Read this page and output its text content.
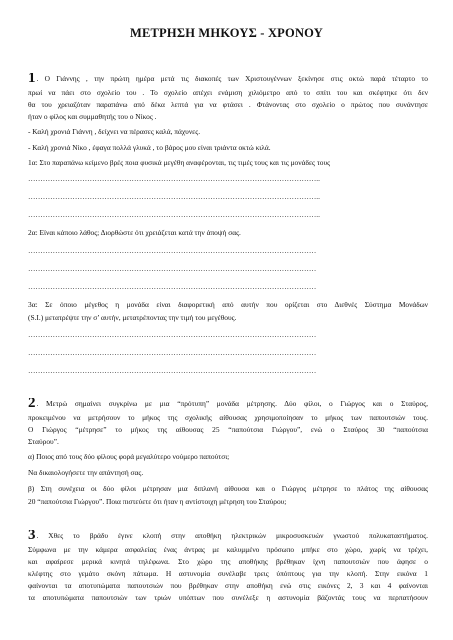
ΜΕΤΡΗΣΗ ΜΗΚΟΥΣ - ΧΡΟΝΟΥ
1. Ο Γιάννης , την πρώτη ημέρα μετά τις διακοπές των Χριστουγέννων ξεκίνησε στις οκτώ παρά τέταρτο το
πρωί να πάει στο σχολείο του . Το σχολείο απέχει ενάμιση χιλιόμετρο από το σπίτι του και σκέφτηκε ότι δεν
θα του χρειαζόταν παραπάνω από δέκα λεπτά για να φτάσει . Φτάνοντας στο σχολείο ο πρώτος που συνάντησε
ήταν ο φίλος και συμμαθητής του ο Νίκος .
- Καλή χρονιά Γιάννη , δείχνει να πέρασες καλά, πάχυνες.
- Καλή χρονιά Νίκο , έφαγα πολλά γλυκά , το βάρος μου είναι τριάντα οκτώ κιλά.
1α: Στο παραπάνω κείμενο βρές ποια φυσικά μεγέθη αναφέρονται, τις τιμές τους και τις μονάδες τους
………………………………………………………………………………………………………..
………………………………………………………………………………………………………..
………………………………………………………………………………………………………..
2α: Είναι κάποιο λάθος; Διορθώστε ότι χρειάζεται κατά την άποψή σας.
………………………………………………………………………………………………………
………………………………………………………………………………………………………
………………………………………………………………………………………………………
3α: Σε όποιο μέγεθος η μονάδα είναι διαφορετική από αυτήν που ορίζεται στο Διεθνές Σύστημα Μονάδων
(S.I.) μετατρέψτε την σ’ αυτήν, μετατρέποντας την τιμή του μεγέθους.
………………………………………………………………………………………………………
………………………………………………………………………………………………………
………………………………………………………………………………………………………
2. Μετρώ σημαίνει συγκρίνω με μια “πρότυπη” μονάδα μέτρησης. Δύο φίλοι, ο Γιώργος και ο Σταύρος,
προκειμένου να μετρήσουν το μήκος της σχολικής αίθουσας χρησιμοποίησαν το μήκος των παπουτσιών τους.
Ο Γιώργος “μέτρησε” το μήκος της αίθουσας 25 “παπούτσια Γιώργου”, ενώ ο Σταύρος 30 “παπούτσια
Σταύρου”.
α) Ποιος από τους δύο φίλους φορά μεγαλύτερο νούμερο παπούτσι;
Να δικαιολογήσετε την απάντησή σας.
β) Στη συνέχεια οι δύο φίλοι μέτρησαν μια διπλανή αίθουσα και ο Γιώργος μέτρησε το πλάτος της αίθουσας
20 “παπούτσια Γιώργου”. Ποια πιστεύετε ότι ήταν η αντίστοιχη μέτρηση του Σταύρου;
3. Χθες το βράδυ έγινε κλοπή στην αποθήκη ηλεκτρικών μικροσυσκευών γνωστού πολυκαταστήματος.
Σύμφωνα με την κάμερα ασφαλείας ένας άντρας με καλυμμένο πρόσωπο μπήκε στο χώρο, χωρίς να τρέχει,
και αφαίρεσε μερικά κινητά τηλέφωνα. Στο χώρο της αποθήκης βρέθηκαν ίχνη παπουτσιών που άφησε ο
κλέφτης στο γεμάτο σκόνη πάτωμα. Η αστυνομία συνέλαβε τρεις ύπόπτους για την κλοπή. Στην εικόνα 1
φαίνονται τα αποτυπώματα παπουτσιών που βρέθηκαν στην αποθήκη ενώ στις εικόνες 2, 3 και 4 φαίνονται
τα αποτυπώματα παπουτσιών των τριών υπόπτων που συνέλεξε η αστυνομία βάζοντάς τους να περπατήσουν
